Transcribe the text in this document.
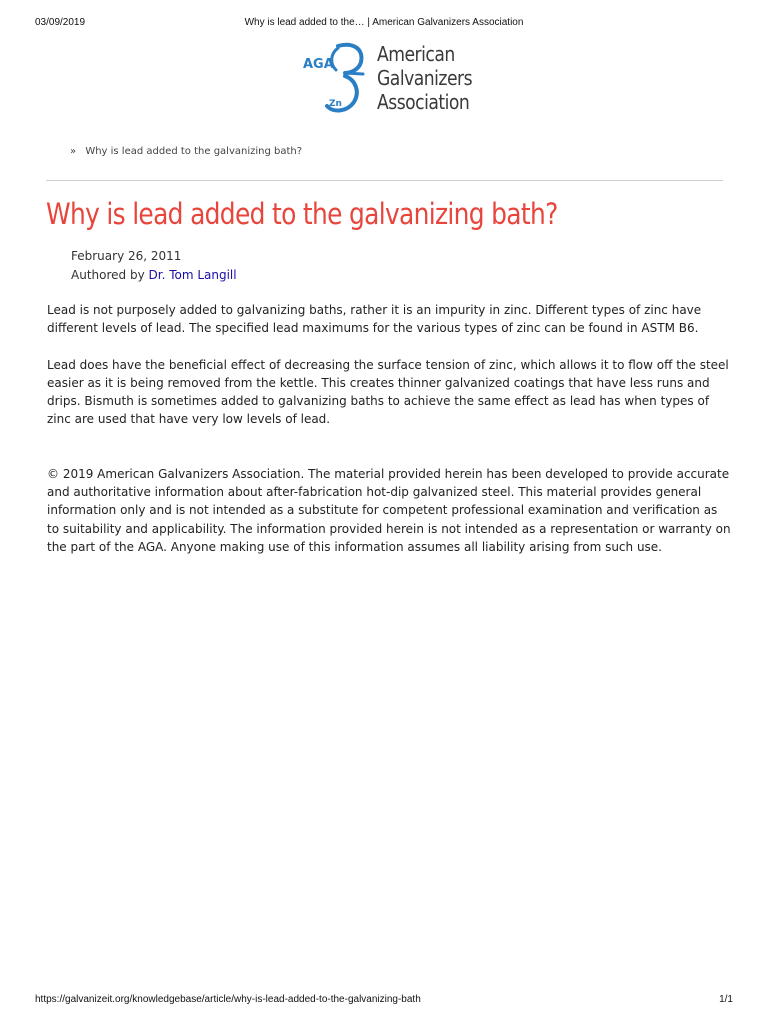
03/09/2019	Why is lead added to the… | American Galvanizers Association
AGA
Zn
American
Galvanizers
Association
» Why is lead added to the galvanizing bath?
Why is lead added to the galvanizing bath?
February 26, 2011
Authored by Dr. Tom Langill

Lead is not purposely added to galvanizing baths, rather it is an impurity in zinc. Different types of zinc have different levels of lead. The specified lead maximums for the various types of zinc can be found in ASTM B6.

Lead does have the beneficial effect of decreasing the surface tension of zinc, which allows it to flow off the steel easier as it is being removed from the kettle. This creates thinner galvanized coatings that have less runs and drips. Bismuth is sometimes added to galvanizing baths to achieve the same effect as lead has when types of zinc are used that have very low levels of lead.

© 2019 American Galvanizers Association. The material provided herein has been developed to provide accurate and authoritative information about after-fabrication hot-dip galvanized steel. This material provides general information only and is not intended as a substitute for competent professional examination and verification as to suitability and applicability. The information provided herein is not intended as a representation or warranty on the part of the AGA. Anyone making use of this information assumes all liability arising from such use.

https://galvanizeit.org/knowledgebase/article/why-is-lead-added-to-the-galvanizing-bath	1/1
